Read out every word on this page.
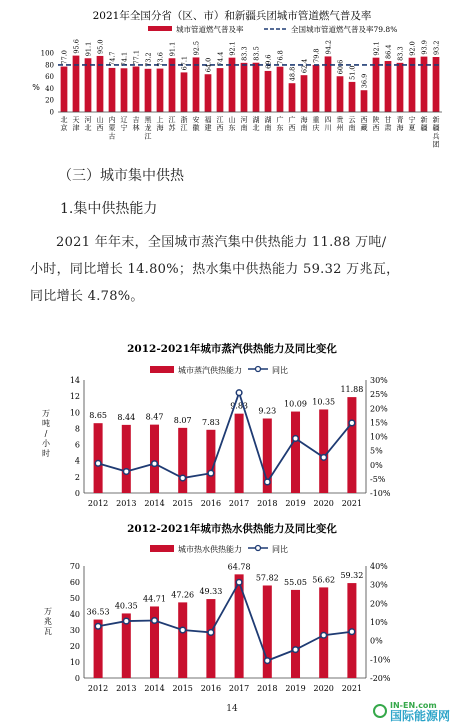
2021年全国分省（区、市）和新疆兵团城市管道燃气普及率
城市管道燃气普及率	全国城市管道燃气普及率79.8%
%
100
80
60
40
20
0
77.0
95.6 91.1 95.0
74.7 74.1 77.1 73.2 73.6
91.1
67.1
92.5
64.0 74.4
92.1 83.3 83.5
69.6 76.8
48.8
62.4
79.8
94.2
60.6 51.0
36.9
92.1 86.4 83.3 92.0 93.9 93.2
北京
天津
河北
山西
内蒙古
辽宁
吉林
黑龙江
上海
江苏
浙江
安徽
福建
江西
山东
河南
湖北
湖南
广东
广西
海南
重庆
四川
贵州
云南
西藏
陕西
甘肃
青海
宁夏
新疆
新疆兵团
（三）城市集中供热
1.集中供热能力

2021 年年末，全国城市蒸汽集中供热能力 11.88 万吨/

小时，同比增长 14.80%；热水集中供热能力 59.32 万兆瓦，

同比增长 4.78%。

2012-2021年城市蒸汽供热能力及同比变化
城市蒸汽供热能力	同比
万吨/小时
0
2
4
6
8
10
12
14	30%
25%
20%
15%
10%
5%
0%
-5%
-10%
8.65
2012
8.44
2013
8.47
2014
8.07
2015
7.83
2016
9.83
2017
9.23
2018
10.09
2019
10.35
2020
11.88
2021
2012-2021年城市热水供热能力及同比变化
城市热水供热能力	同比
万兆瓦
0
10
20
30
40
50
60
70	40%
30%
20%
10%
0%
-10%
-20%
36.53
2012
40.35
2013
44.71
2014
47.26
2015
49.33
2016
64.78
2017
57.82
2018
55.05
2019
56.62
2020
59.32
2021
14	IN-EN.com
国际能源网
